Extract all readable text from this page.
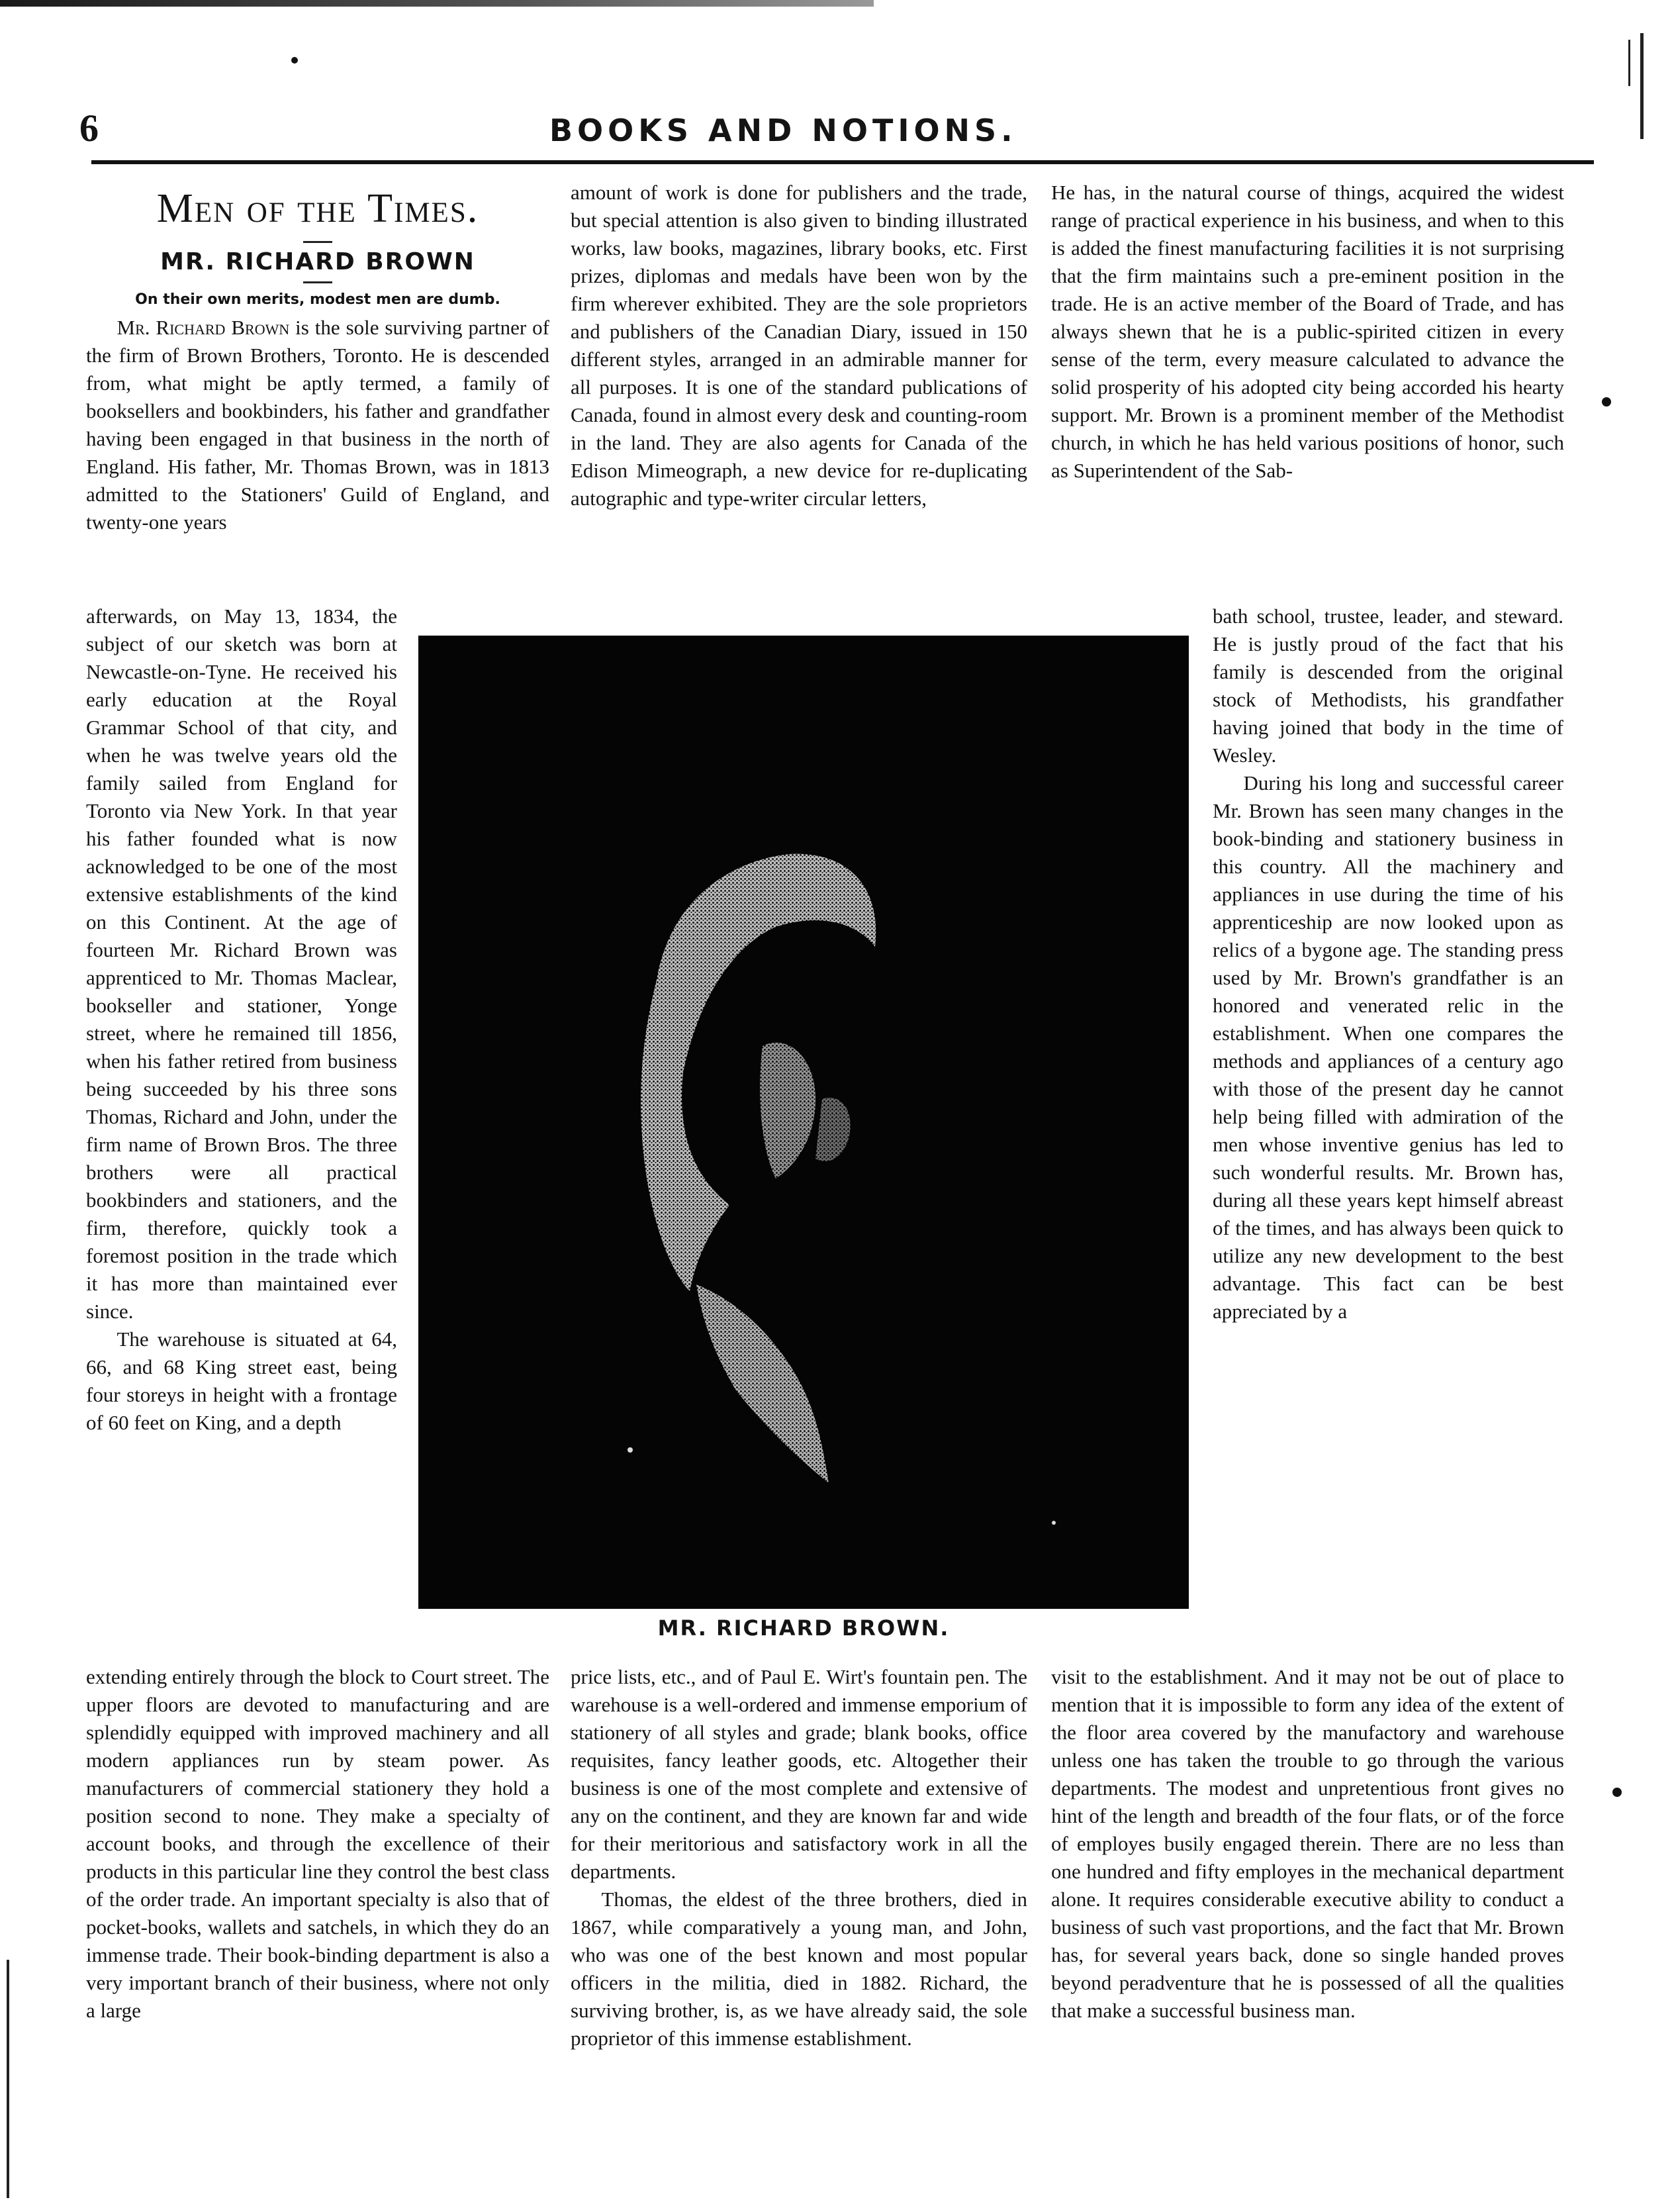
6	BOOKS AND NOTIONS.
Men of the Times.
MR. RICHARD BROWN
On their own merits, modest men are dumb.

Mr. Richard Brown is the sole surviving partner of the firm of Brown Brothers, Toronto. He is descended from, what might be aptly termed, a family of booksellers and bookbinders, his father and grandfather having been engaged in that business in the north of England. His father, Mr. Thomas Brown, was in 1813 admitted to the Stationers' Guild of England, and twenty-one years

afterwards, on May 13, 1834, the subject of our sketch was born at Newcastle-on-Tyne. He received his early education at the Royal Grammar School of that city, and when he was twelve years old the family sailed from England for Toronto via New York. In that year his father founded what is now acknowledged to be one of the most extensive establishments of the kind on this Continent. At the age of fourteen Mr. Richard Brown was apprenticed to Mr. Thomas Maclear, bookseller and stationer, Yonge street, where he remained till 1856, when his father retired from business being succeeded by his three sons Thomas, Richard and John, under the firm name of Brown Bros. The three brothers were all practical bookbinders and stationers, and the firm, therefore, quickly took a foremost position in the trade which it has more than maintained ever since.

The warehouse is situated at 64, 66, and 68 King street east, being four storeys in height with a frontage of 60 feet on King, and a depth

extending entirely through the block to Court street. The upper floors are devoted to manufacturing and are splendidly equipped with improved machinery and all modern appliances run by steam power. As manufacturers of commercial stationery they hold a position second to none. They make a specialty of account books, and through the excellence of their products in this particular line they control the best class of the order trade. An important specialty is also that of pocket-books, wallets and satchels, in which they do an immense trade. Their book-binding department is also a very important branch of their business, where not only a large

amount of work is done for publishers and the trade, but special attention is also given to binding illustrated works, law books, magazines, library books, etc. First prizes, diplomas and medals have been won by the firm wherever exhibited. They are the sole proprietors and publishers of the Canadian Diary, issued in 150 different styles, arranged in an admirable manner for all purposes. It is one of the standard publications of Canada, found in almost every desk and counting-room in the land. They are also agents for Canada of the Edison Mimeograph, a new device for re-duplicating autographic and type-writer circular letters,

price lists, etc., and of Paul E. Wirt's fountain pen. The warehouse is a well-ordered and immense emporium of stationery of all styles and grade; blank books, office requisites, fancy leather goods, etc. Altogether their business is one of the most complete and extensive of any on the continent, and they are known far and wide for their meritorious and satisfactory work in all the departments.

Thomas, the eldest of the three brothers, died in 1867, while comparatively a young man, and John, who was one of the best known and most popular officers in the militia, died in 1882. Richard, the surviving brother, is, as we have already said, the sole proprietor of this immense establishment.

He has, in the natural course of things, acquired the widest range of practical experience in his business, and when to this is added the finest manufacturing facilities it is not surprising that the firm maintains such a pre-eminent position in the trade. He is an active member of the Board of Trade, and has always shewn that he is a public-spirited citizen in every sense of the term, every measure calculated to advance the solid prosperity of his adopted city being accorded his hearty support. Mr. Brown is a prominent member of the Methodist church, in which he has held various positions of honor, such as Superintendent of the Sab-

bath school, trustee, leader, and steward. He is justly proud of the fact that his family is descended from the original stock of Methodists, his grandfather having joined that body in the time of Wesley.

During his long and successful career Mr. Brown has seen many changes in the book-binding and stationery business in this country. All the machinery and appliances in use during the time of his apprenticeship are now looked upon as relics of a bygone age. The standing press used by Mr. Brown's grandfather is an honored and venerated relic in the establishment. When one compares the methods and appliances of a century ago with those of the present day he cannot help being filled with admiration of the men whose inventive genius has led to such wonderful results. Mr. Brown has, during all these years kept himself abreast of the times, and has always been quick to utilize any new development to the best advantage. This fact can be best appreciated by a

visit to the establishment. And it may not be out of place to mention that it is impossible to form any idea of the extent of the floor area covered by the manufactory and warehouse unless one has taken the trouble to go through the various departments. The modest and unpretentious front gives no hint of the length and breadth of the four flats, or of the force of employes busily engaged therein. There are no less than one hundred and fifty employes in the mechanical department alone. It requires considerable executive ability to conduct a business of such vast proportions, and the fact that Mr. Brown has, for several years back, done so single handed proves beyond peradventure that he is possessed of all the qualities that make a successful business man.

MR. RICHARD BROWN.
